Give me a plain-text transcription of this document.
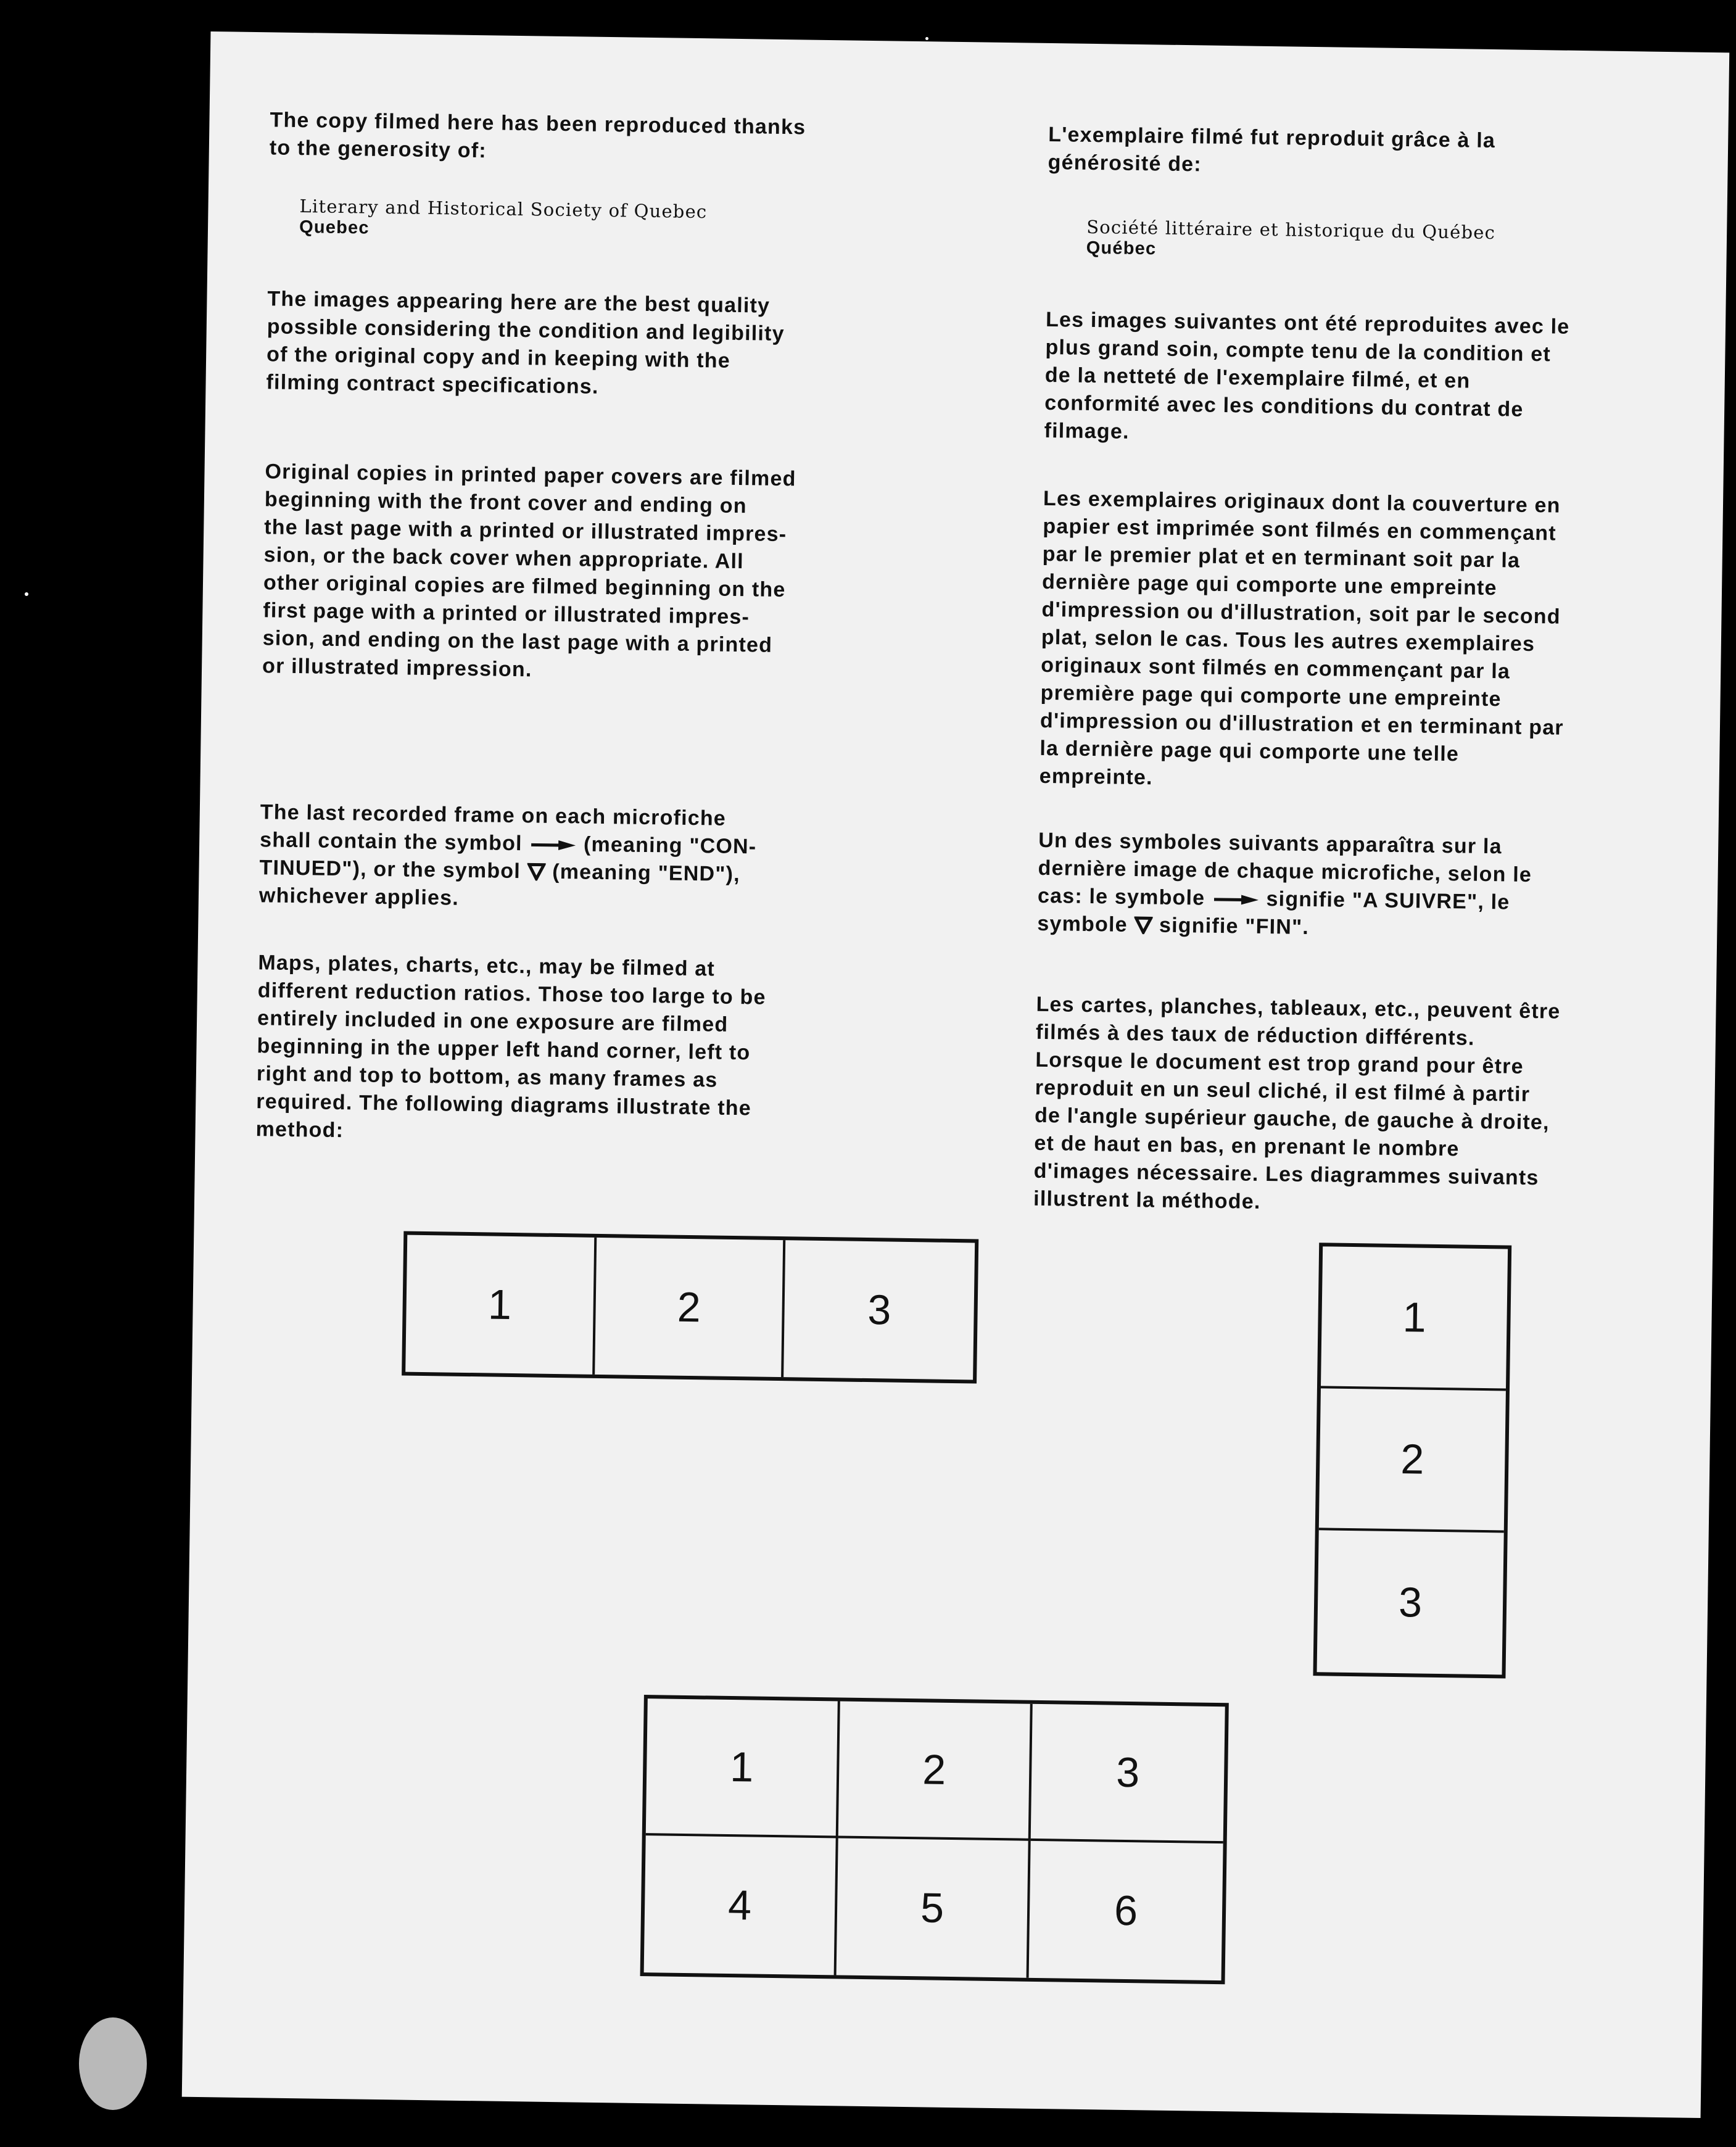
The copy filmed here has been reproduced thanks
to the generosity of:

Literary and Historical Society of Quebec
Quebec

The images appearing here are the best quality
possible considering the condition and legibility
of the original copy and in keeping with the
filming contract specifications.

Original copies in printed paper covers are filmed
beginning with the front cover and ending on
the last page with a printed or illustrated impres-
sion, or the back cover when appropriate. All
other original copies are filmed beginning on the
first page with a printed or illustrated impres-
sion, and ending on the last page with a printed
or illustrated impression.

The last recorded frame on each microfiche
shall contain the symbol	(meaning "CON-
TINUED"), or the symbol (meaning "END"),
whichever applies.

Maps, plates, charts, etc., may be filmed at
different reduction ratios. Those too large to be
entirely included in one exposure are filmed
beginning in the upper left hand corner, left to
right and top to bottom, as many frames as
required. The following diagrams illustrate the
method:

L'exemplaire filmé fut reproduit grâce à la
générosité de:

Société littéraire et historique du Québec
Québec

Les images suivantes ont été reproduites avec le
plus grand soin, compte tenu de la condition et
de la netteté de l'exemplaire filmé, et en
conformité avec les conditions du contrat de
filmage.

Les exemplaires originaux dont la couverture en
papier est imprimée sont filmés en commençant
par le premier plat et en terminant soit par la
dernière page qui comporte une empreinte
d'impression ou d'illustration, soit par le second
plat, selon le cas. Tous les autres exemplaires
originaux sont filmés en commençant par la
première page qui comporte une empreinte
d'impression ou d'illustration et en terminant par
la dernière page qui comporte une telle
empreinte.

Un des symboles suivants apparaîtra sur la
dernière image de chaque microfiche, selon le
cas: le symbole	signifie "A SUIVRE", le
symbole signifie "FIN".

Les cartes, planches, tableaux, etc., peuvent être
filmés à des taux de réduction différents.
Lorsque le document est trop grand pour être
reproduit en un seul cliché, il est filmé à partir
de l'angle supérieur gauche, de gauche à droite,
et de haut en bas, en prenant le nombre
d'images nécessaire. Les diagrammes suivants
illustrent la méthode.

1	2	3	1
2
3
1	2	3
4	5	6
